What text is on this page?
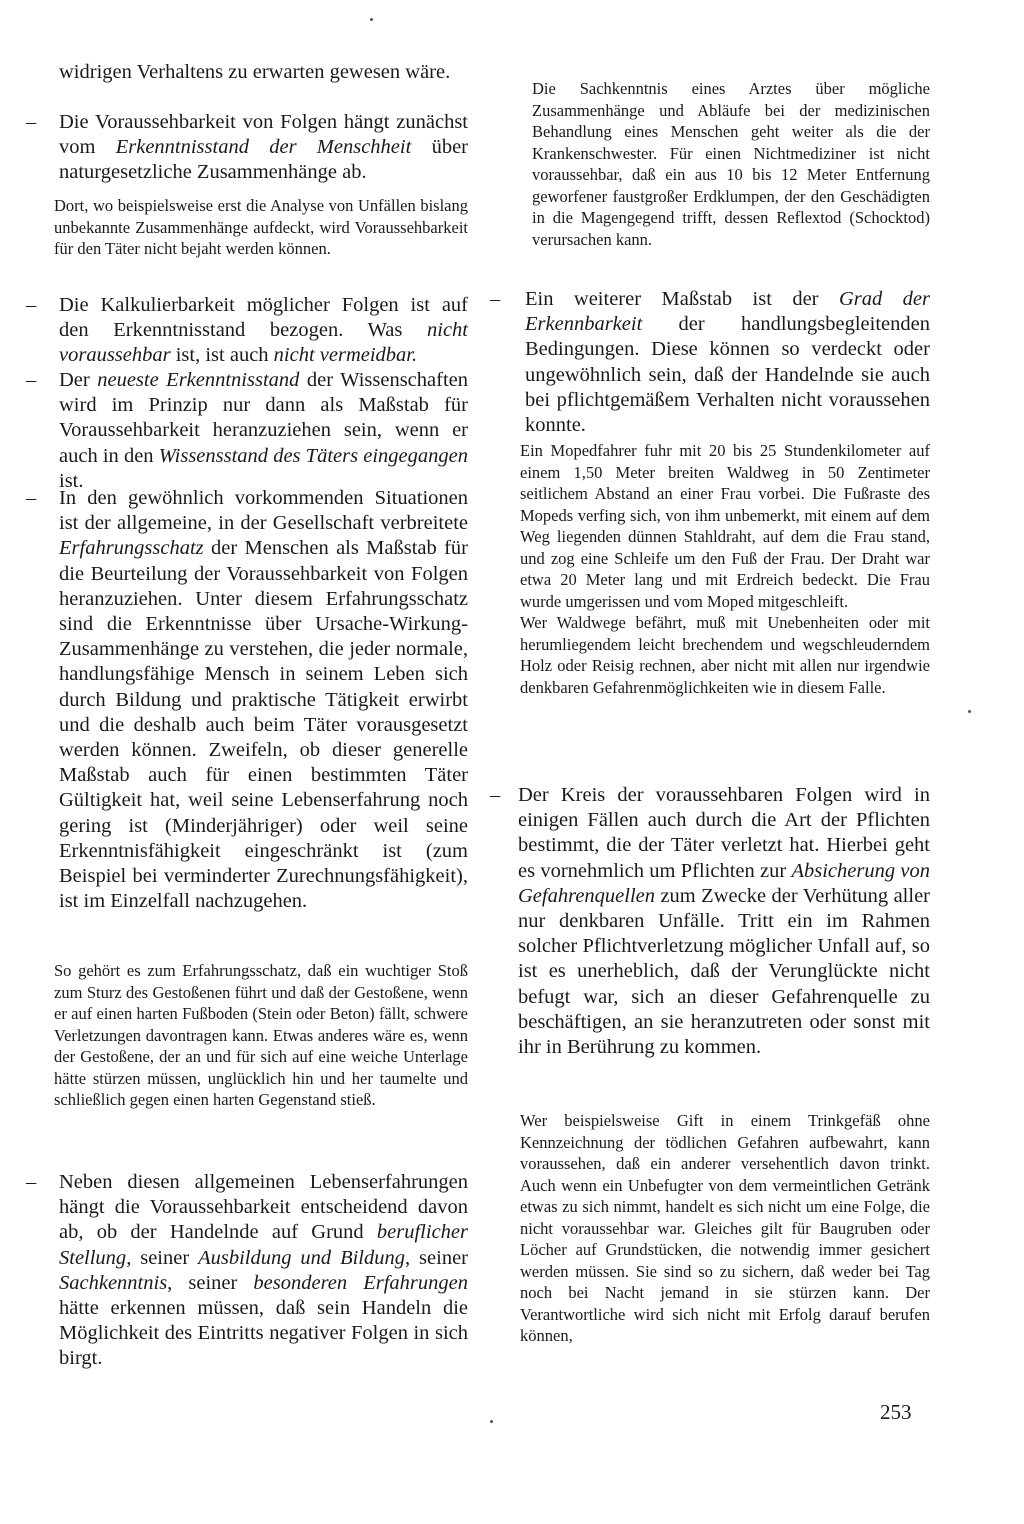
widrigen Verhaltens zu erwarten gewesen wäre.
– Die Voraussehbarkeit von Folgen hängt zunächst vom Erkenntnisstand der Menschheit über naturgesetzliche Zusammenhänge ab.
Dort, wo beispielsweise erst die Analyse von Unfällen bislang unbekannte Zusammenhänge aufdeckt, wird Voraussehbarkeit für den Täter nicht bejaht werden können.
– Die Kalkulierbarkeit möglicher Folgen ist auf den Erkenntnisstand bezogen. Was nicht voraussehbar ist, ist auch nicht vermeidbar.
– Der neueste Erkenntnisstand der Wissenschaften wird im Prinzip nur dann als Maßstab für Voraussehbarkeit heranzuziehen sein, wenn er auch in den Wissensstand des Täters eingegangen ist.
– In den gewöhnlich vorkommenden Situationen ist der allgemeine, in der Gesellschaft verbreitete Erfahrungsschatz der Menschen als Maßstab für die Beurteilung der Voraussehbarkeit von Folgen heranzuziehen. Unter diesem Erfahrungsschatz sind die Erkenntnisse über Ursache-Wirkung-Zusammenhänge zu verstehen, die jeder normale, handlungsfähige Mensch in seinem Leben sich durch Bildung und praktische Tätigkeit erwirbt und die deshalb auch beim Täter vorausgesetzt werden können. Zweifeln, ob dieser generelle Maßstab auch für einen bestimmten Täter Gültigkeit hat, weil seine Lebenserfahrung noch gering ist (Minderjähriger) oder weil seine Erkenntnisfähigkeit eingeschränkt ist (zum Beispiel bei verminderter Zurechnungsfähigkeit), ist im Einzelfall nachzugehen.
So gehört es zum Erfahrungsschatz, daß ein wuchtiger Stoß zum Sturz des Gestoßenen führt und daß der Gestoßene, wenn er auf einen harten Fußboden (Stein oder Beton) fällt, schwere Verletzungen davontragen kann. Etwas anderes wäre es, wenn der Gestoßene, der an und für sich auf eine weiche Unterlage hätte stürzen müssen, unglücklich hin und her taumelte und schließlich gegen einen harten Gegenstand stieß.
– Neben diesen allgemeinen Lebenserfahrungen hängt die Voraussehbarkeit entscheidend davon ab, ob der Handelnde auf Grund beruflicher Stellung, seiner Ausbildung und Bildung, seiner Sachkenntnis, seiner besonderen Erfahrungen hätte erkennen müssen, daß sein Handeln die Möglichkeit des Eintritts negativer Folgen in sich birgt.
Die Sachkenntnis eines Arztes über mögliche Zusammenhänge und Abläufe bei der medizinischen Behandlung eines Menschen geht weiter als die der Krankenschwester. Für einen Nichtmediziner ist nicht voraussehbar, daß ein aus 10 bis 12 Meter Entfernung geworfener faustgroßer Erdklumpen, der den Geschädigten in die Magengegend trifft, dessen Reflextod (Schocktod) verursachen kann.
– Ein weiterer Maßstab ist der Grad der Erkennbarkeit der handlungsbegleitenden Bedingungen. Diese können so verdeckt oder ungewöhnlich sein, daß der Handelnde sie auch bei pflichtgemäßem Verhalten nicht voraussehen konnte.
Ein Mopedfahrer fuhr mit 20 bis 25 Stundenkilometer auf einem 1,50 Meter breiten Waldweg in 50 Zentimeter seitlichem Abstand an einer Frau vorbei. Die Fußraste des Mopeds verfing sich, von ihm unbemerkt, mit einem auf dem Weg liegenden dünnen Stahldraht, auf dem die Frau stand, und zog eine Schleife um den Fuß der Frau. Der Draht war etwa 20 Meter lang und mit Erdreich bedeckt. Die Frau wurde umgerissen und vom Moped mitgeschleift.
Wer Waldwege befährt, muß mit Unebenheiten oder mit herumliegendem leicht brechendem und wegschleuderndem Holz oder Reisig rechnen, aber nicht mit allen nur irgendwie denkbaren Gefahrenmöglichkeiten wie in diesem Falle.
– Der Kreis der voraussehbaren Folgen wird in einigen Fällen auch durch die Art der Pflichten bestimmt, die der Täter verletzt hat. Hierbei geht es vornehmlich um Pflichten zur Absicherung von Gefahrenquellen zum Zwecke der Verhütung aller nur denkbaren Unfälle. Tritt ein im Rahmen solcher Pflichtverletzung möglicher Unfall auf, so ist es unerheblich, daß der Verunglückte nicht befugt war, sich an dieser Gefahrenquelle zu beschäftigen, an sie heranzutreten oder sonst mit ihr in Berührung zu kommen.
Wer beispielsweise Gift in einem Trinkgefäß ohne Kennzeichnung der tödlichen Gefahren aufbewahrt, kann voraussehen, daß ein anderer versehentlich davon trinkt. Auch wenn ein Unbefugter von dem vermeintlichen Getränk etwas zu sich nimmt, handelt es sich nicht um eine Folge, die nicht voraussehbar war. Gleiches gilt für Baugruben oder Löcher auf Grundstücken, die notwendig immer gesichert werden müssen. Sie sind so zu sichern, daß weder bei Tag noch bei Nacht jemand in sie stürzen kann. Der Verantwortliche wird sich nicht mit Erfolg darauf berufen können,
253
